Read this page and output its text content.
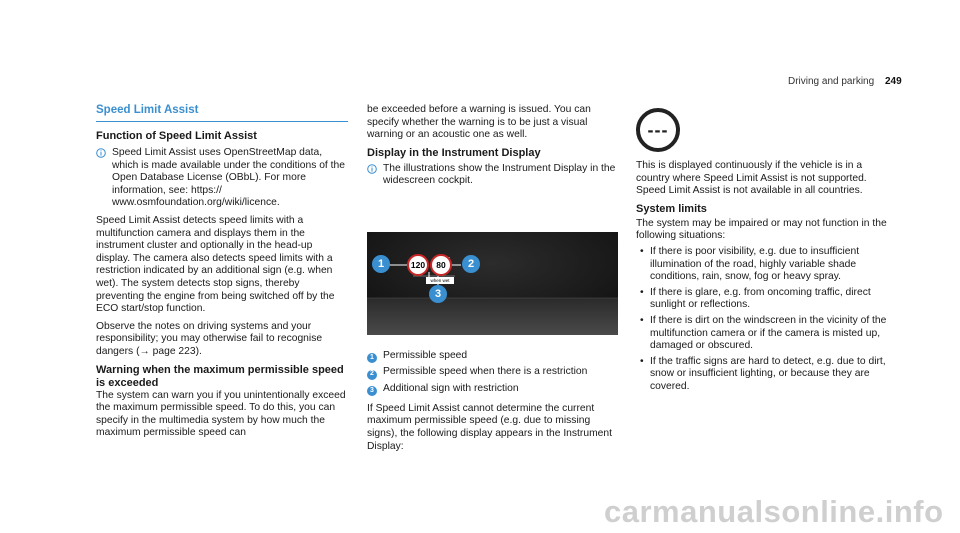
Driving and parking 249
Speed Limit Assist
Function of Speed Limit Assist
Speed Limit Assist uses OpenStreetMap data, which is made available under the conditions of the Open Database License (OBbL). For more information, see: https:// www.osmfoundation.org/wiki/licence.
Speed Limit Assist detects speed limits with a multifunction camera and displays them in the instrument cluster and optionally in the head-up display. The camera also detects speed limits with a restriction indicated by an additional sign (e.g. when wet). The system detects stop signs, thereby preventing the engine from being switched off by the ECO start/stop function.
Observe the notes on driving systems and your responsibility; you may otherwise fail to recognise dangers (→ page 223).
Warning when the maximum permissible speed is exceeded
The system can warn you if you unintentionally exceed the maximum permissible speed. To do this, you can specify in the multimedia system by how much the maximum permissible speed can
be exceeded before a warning is issued. You can specify whether the warning is to be just a visual warning or an acoustic one as well.
Display in the Instrument Display
The illustrations show the Instrument Display in the widescreen cockpit.
1	2
3
120	80
when wet
1 Permissible speed
2 Permissible speed when there is a restriction
3 Additional sign with restriction
If Speed Limit Assist cannot determine the current maximum permissible speed (e.g. due to missing signs), the following display appears in the Instrument Display:
---
This is displayed continuously if the vehicle is in a country where Speed Limit Assist is not supported. Speed Limit Assist is not available in all countries.
System limits
The system may be impaired or may not function in the following situations:
• If there is poor visibility, e.g. due to insufficient illumination of the road, highly variable shade conditions, rain, snow, fog or heavy spray.
• If there is glare, e.g. from oncoming traffic, direct sunlight or reflections.
• If there is dirt on the windscreen in the vicinity of the multifunction camera or if the camera is misted up, damaged or obscured.
• If the traffic signs are hard to detect, e.g. due to dirt, snow or insufficient lighting, or because they are covered.
carmanualsonline.info
